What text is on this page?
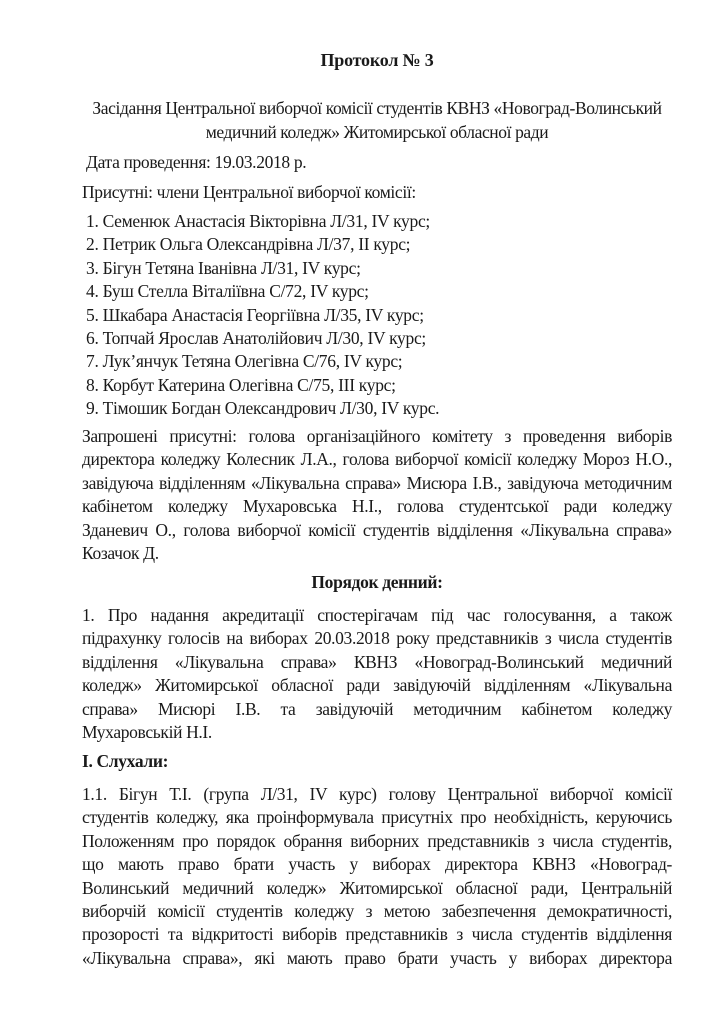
Протокол № 3
Засідання Центральної виборчої комісії студентів КВНЗ «Новоград-Волинський
медичний коледж» Житомирської обласної ради
Дата проведення: 19.03.2018 р.
Присутні: члени Центральної виборчої комісії:
1. Семенюк Анастасія Вікторівна Л/31, IV курс;
2. Петрик Ольга Олександрівна Л/37, II курс;
3. Бігун Тетяна Іванівна Л/31, IV курс;
4. Буш Стелла Віталіївна С/72, IV курс;
5. Шкабара Анастасія Георгіївна Л/35, IV курс;
6. Топчай Ярослав Анатолійович Л/30, IV курс;
7. Лук’янчук Тетяна Олегівна С/76, IV курс;
8. Корбут Катерина Олегівна С/75, III курс;
9. Тімошик Богдан Олександрович Л/30, IV курс.
Запрошені присутні: голова організаційного комітету з проведення виборів
директора коледжу Колесник Л.А., голова виборчої комісії коледжу Мороз Н.О.,
завідуюча відділенням «Лікувальна справа» Мисюра І.В., завідуюча методичним
кабінетом коледжу Мухаровська Н.І., голова студентської ради коледжу
Зданевич О., голова виборчої комісії студентів відділення «Лікувальна справа»
Козачок Д.
Порядок денний:
1. Про надання акредитації спостерігачам під час голосування, а також
підрахунку голосів на виборах 20.03.2018 року представників з числа студентів
відділення «Лікувальна справа» КВНЗ «Новоград-Волинський медичний
коледж» Житомирської обласної ради завідуючій відділенням «Лікувальна
справа» Мисюрі І.В. та завідуючій методичним кабінетом коледжу
Мухаровській Н.І.
І. Слухали:
1.1. Бігун Т.І. (група Л/31, IV курс) голову Центральної виборчої комісії
студентів коледжу, яка проінформувала присутніх про необхідність, керуючись
Положенням про порядок обрання виборних представників з числа студентів,
що мають право брати участь у виборах директора КВНЗ «Новоград-
Волинський медичний коледж» Житомирської обласної ради, Центральній
виборчій комісії студентів коледжу з метою забезпечення демократичності,
прозорості та відкритості виборів представників з числа студентів відділення
«Лікувальна справа», які мають право брати участь у виборах директора
